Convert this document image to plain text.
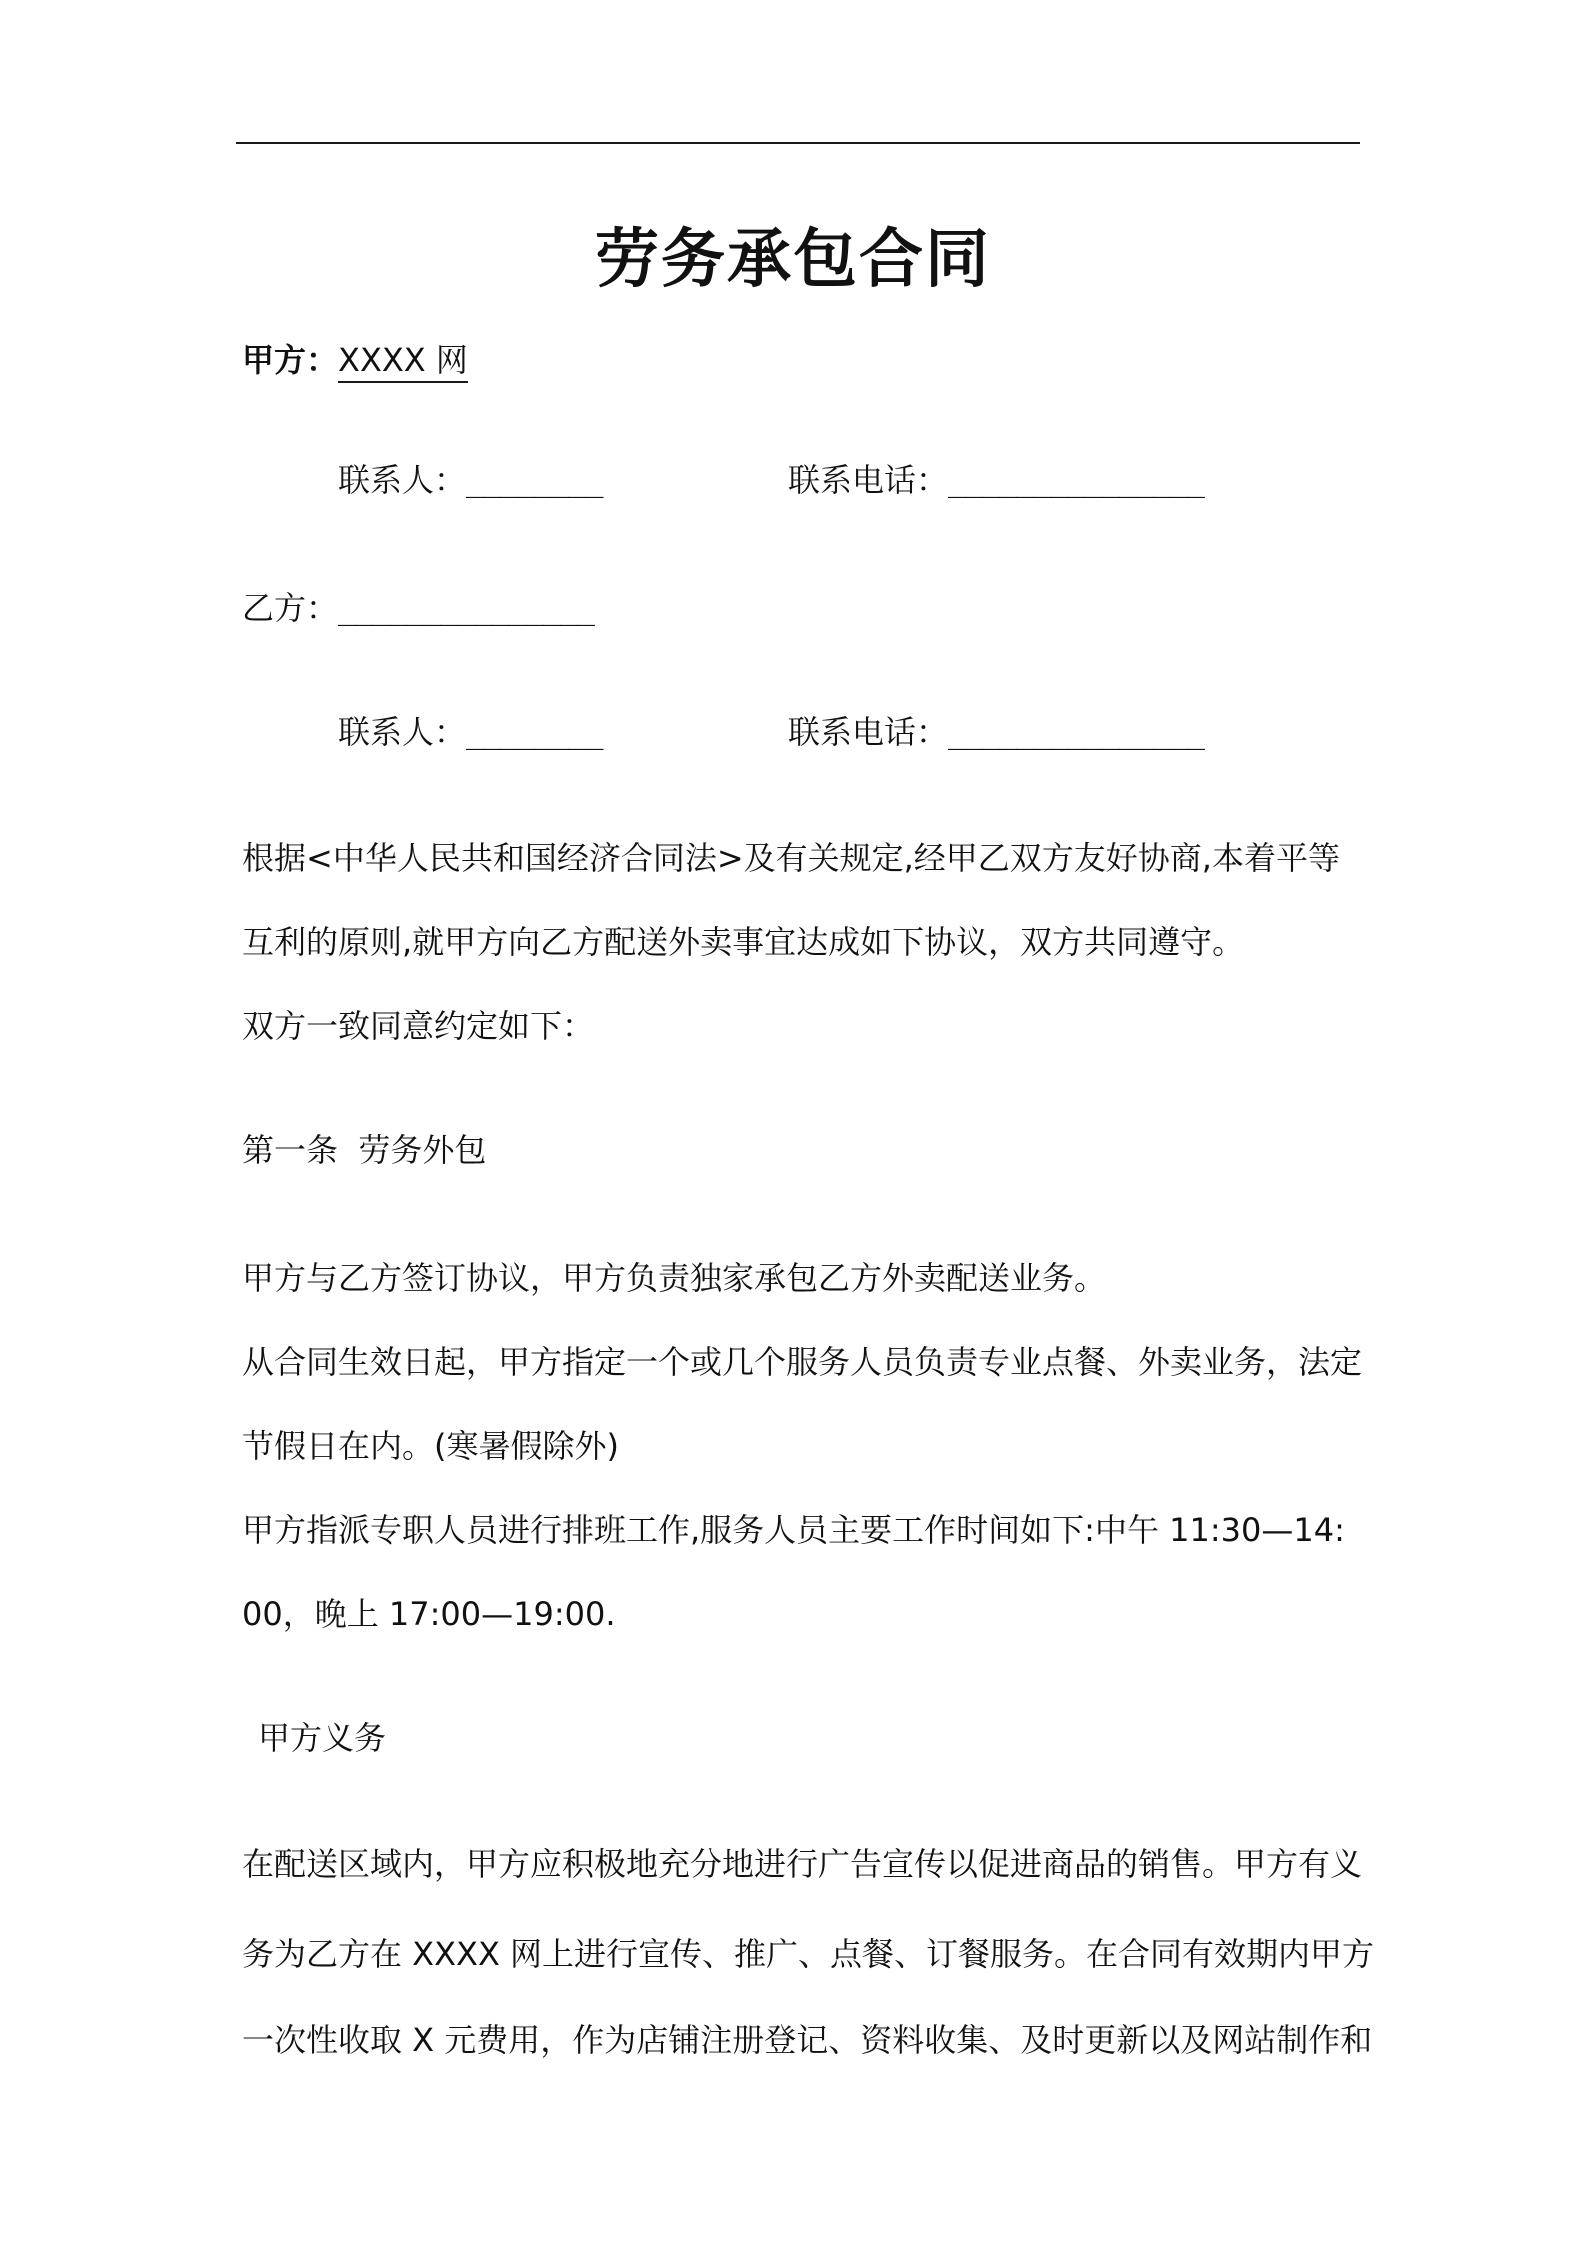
劳务承包合同
甲方：XXXX 网
联系人：________	联系电话：_______________
乙方：_______________
联系人：________	联系电话：_______________
根据<中华人民共和国经济合同法>及有关规定,经甲乙双方友好协商,本着平等
互利的原则,就甲方向乙方配送外卖事宜达成如下协议，双方共同遵守。
双方一致同意约定如下：
第一条 劳务外包
甲方与乙方签订协议，甲方负责独家承包乙方外卖配送业务。
从合同生效日起，甲方指定一个或几个服务人员负责专业点餐、外卖业务，法定
节假日在内。(寒暑假除外)
甲方指派专职人员进行排班工作,服务人员主要工作时间如下:中午 11:30—14:
00，晚上 17:00—19:00.
甲方义务
在配送区域内，甲方应积极地充分地进行广告宣传以促进商品的销售。甲方有义
务为乙方在 XXXX 网上进行宣传、推广、点餐、订餐服务。在合同有效期内甲方
一次性收取 X 元费用，作为店铺注册登记、资料收集、及时更新以及网站制作和
